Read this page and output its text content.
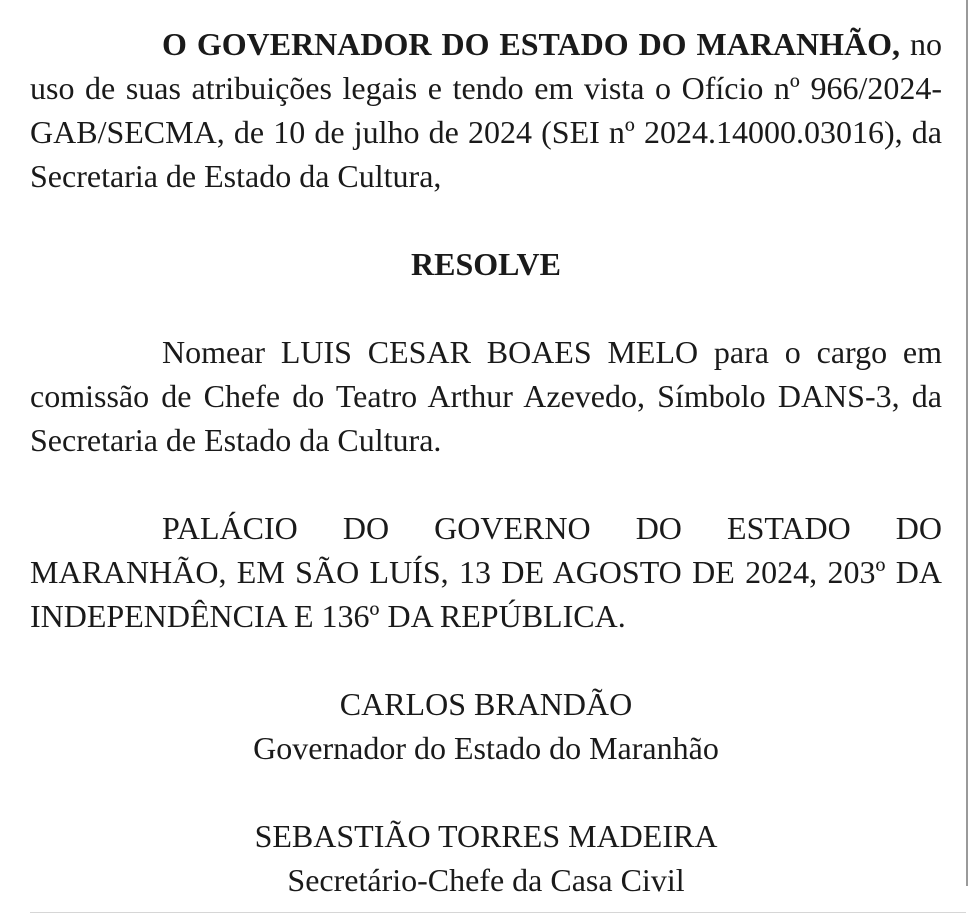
O GOVERNADOR DO ESTADO DO MARANHÃO, no uso de suas atribuições legais e tendo em vista o Ofício nº 966/2024-GAB/SECMA, de 10 de julho de 2024 (SEI nº 2024.14000.03016), da Secretaria de Estado da Cultura,

RESOLVE

Nomear LUIS CESAR BOAES MELO para o cargo em comissão de Chefe do Teatro Arthur Azevedo, Símbolo DANS-3, da Secretaria de Estado da Cultura.

PALÁCIO DO GOVERNO DO ESTADO DO MARANHÃO, EM SÃO LUÍS, 13 DE AGOSTO DE 2024, 203º DA INDEPENDÊNCIA E 136º DA REPÚBLICA.

CARLOS BRANDÃO

Governador do Estado do Maranhão

SEBASTIÃO TORRES MADEIRA

Secretário-Chefe da Casa Civil
